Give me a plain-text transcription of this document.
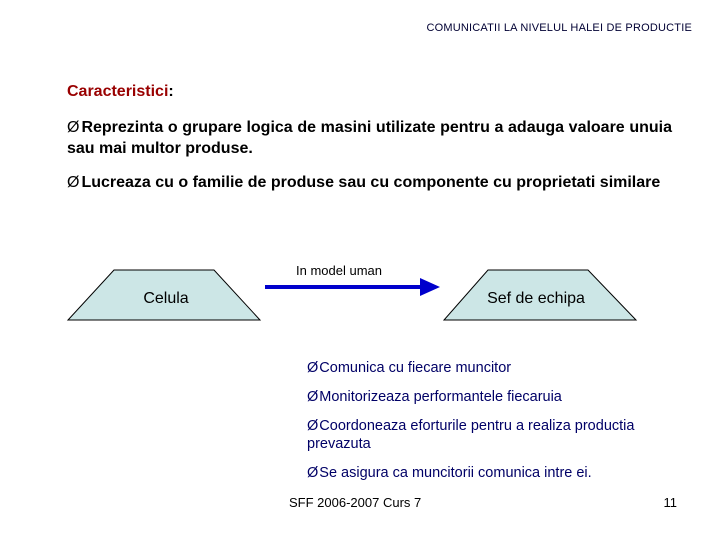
COMUNICATII LA NIVELUL HALEI DE PRODUCTIE
Caracteristici:
Ø Reprezinta o grupare logica de masini utilizate pentru a adauga valoare unuia sau mai multor produse.
Ø Lucreaza cu o familie de produse sau cu componente cu proprietati similare
In model uman
Celula	Sef de echipa
ØComunica cu fiecare muncitor
ØMonitorizeaza performantele fiecaruia
ØCoordoneaza eforturile pentru a realiza productia prevazuta
ØSe asigura ca muncitorii comunica intre ei.
SFF 2006-2007 Curs 7	11
